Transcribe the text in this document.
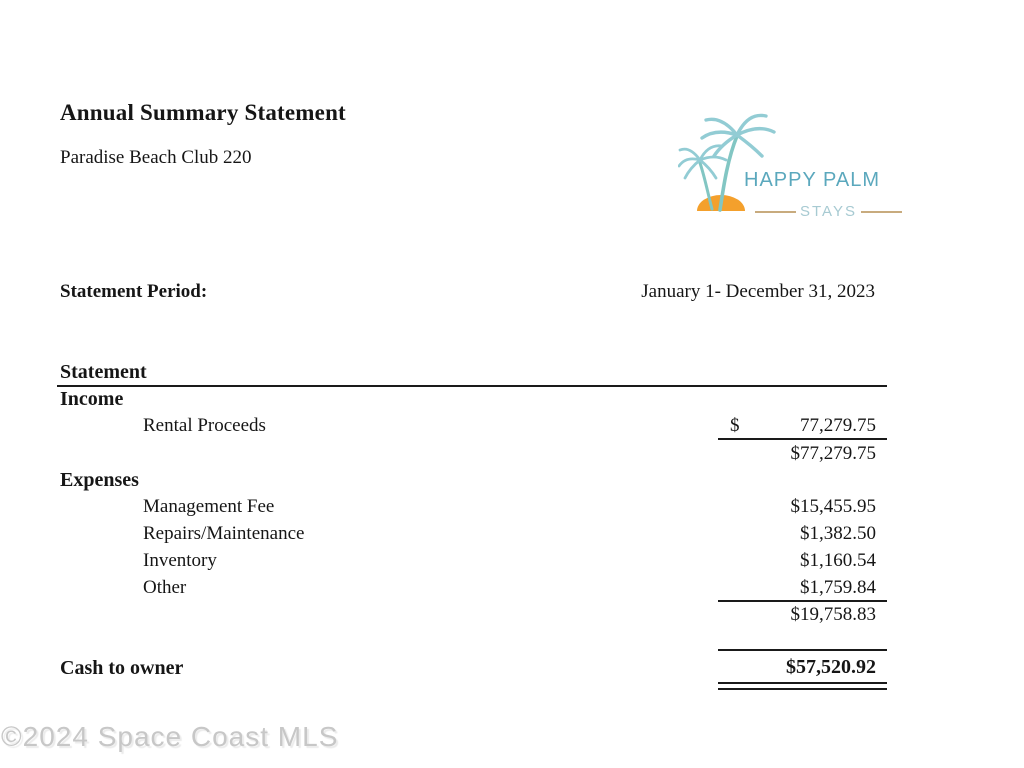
Annual Summary Statement
Paradise Beach Club 220
HAPPY PALM
STAYS
Statement Period:	January 1- December 31, 2023
Statement
Income
Rental Proceeds	$	77,279.75
$77,279.75
Expenses
Management Fee	$15,455.95
Repairs/Maintenance	$1,382.50
Inventory	$1,160.54
Other	$1,759.84
$19,758.83
Cash to owner	$57,520.92
©2024 Space Coast MLS
